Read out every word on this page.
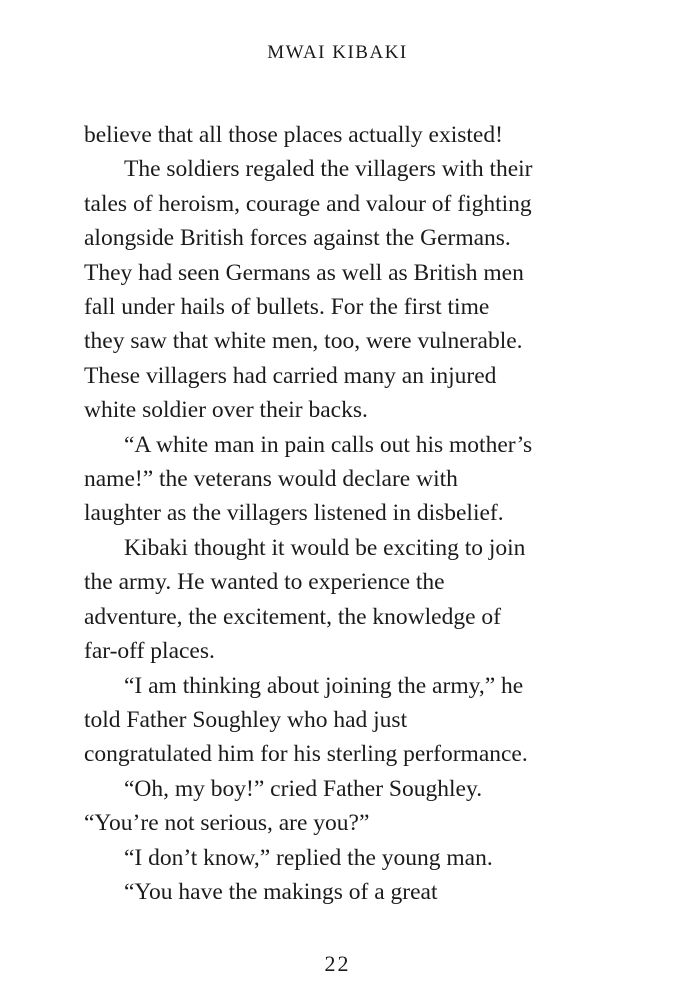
MWAI KIBAKI
believe that all those places actually existed!
The soldiers regaled the villagers with their
tales of heroism, courage and valour of fighting
alongside British forces against the Germans.
They had seen Germans as well as British men
fall under hails of bullets. For the first time
they saw that white men, too, were vulnerable.
These villagers had carried many an injured
white soldier over their backs.
“A white man in pain calls out his mother’s
name!” the veterans would declare with
laughter as the villagers listened in disbelief.
Kibaki thought it would be exciting to join
the army. He wanted to experience the
adventure, the excitement, the knowledge of
far-off places.
“I am thinking about joining the army,” he
told Father Soughley who had just
congratulated him for his sterling performance.
“Oh, my boy!” cried Father Soughley.
“You’re not serious, are you?”
“I don’t know,” replied the young man.
“You have the makings of a great
22
